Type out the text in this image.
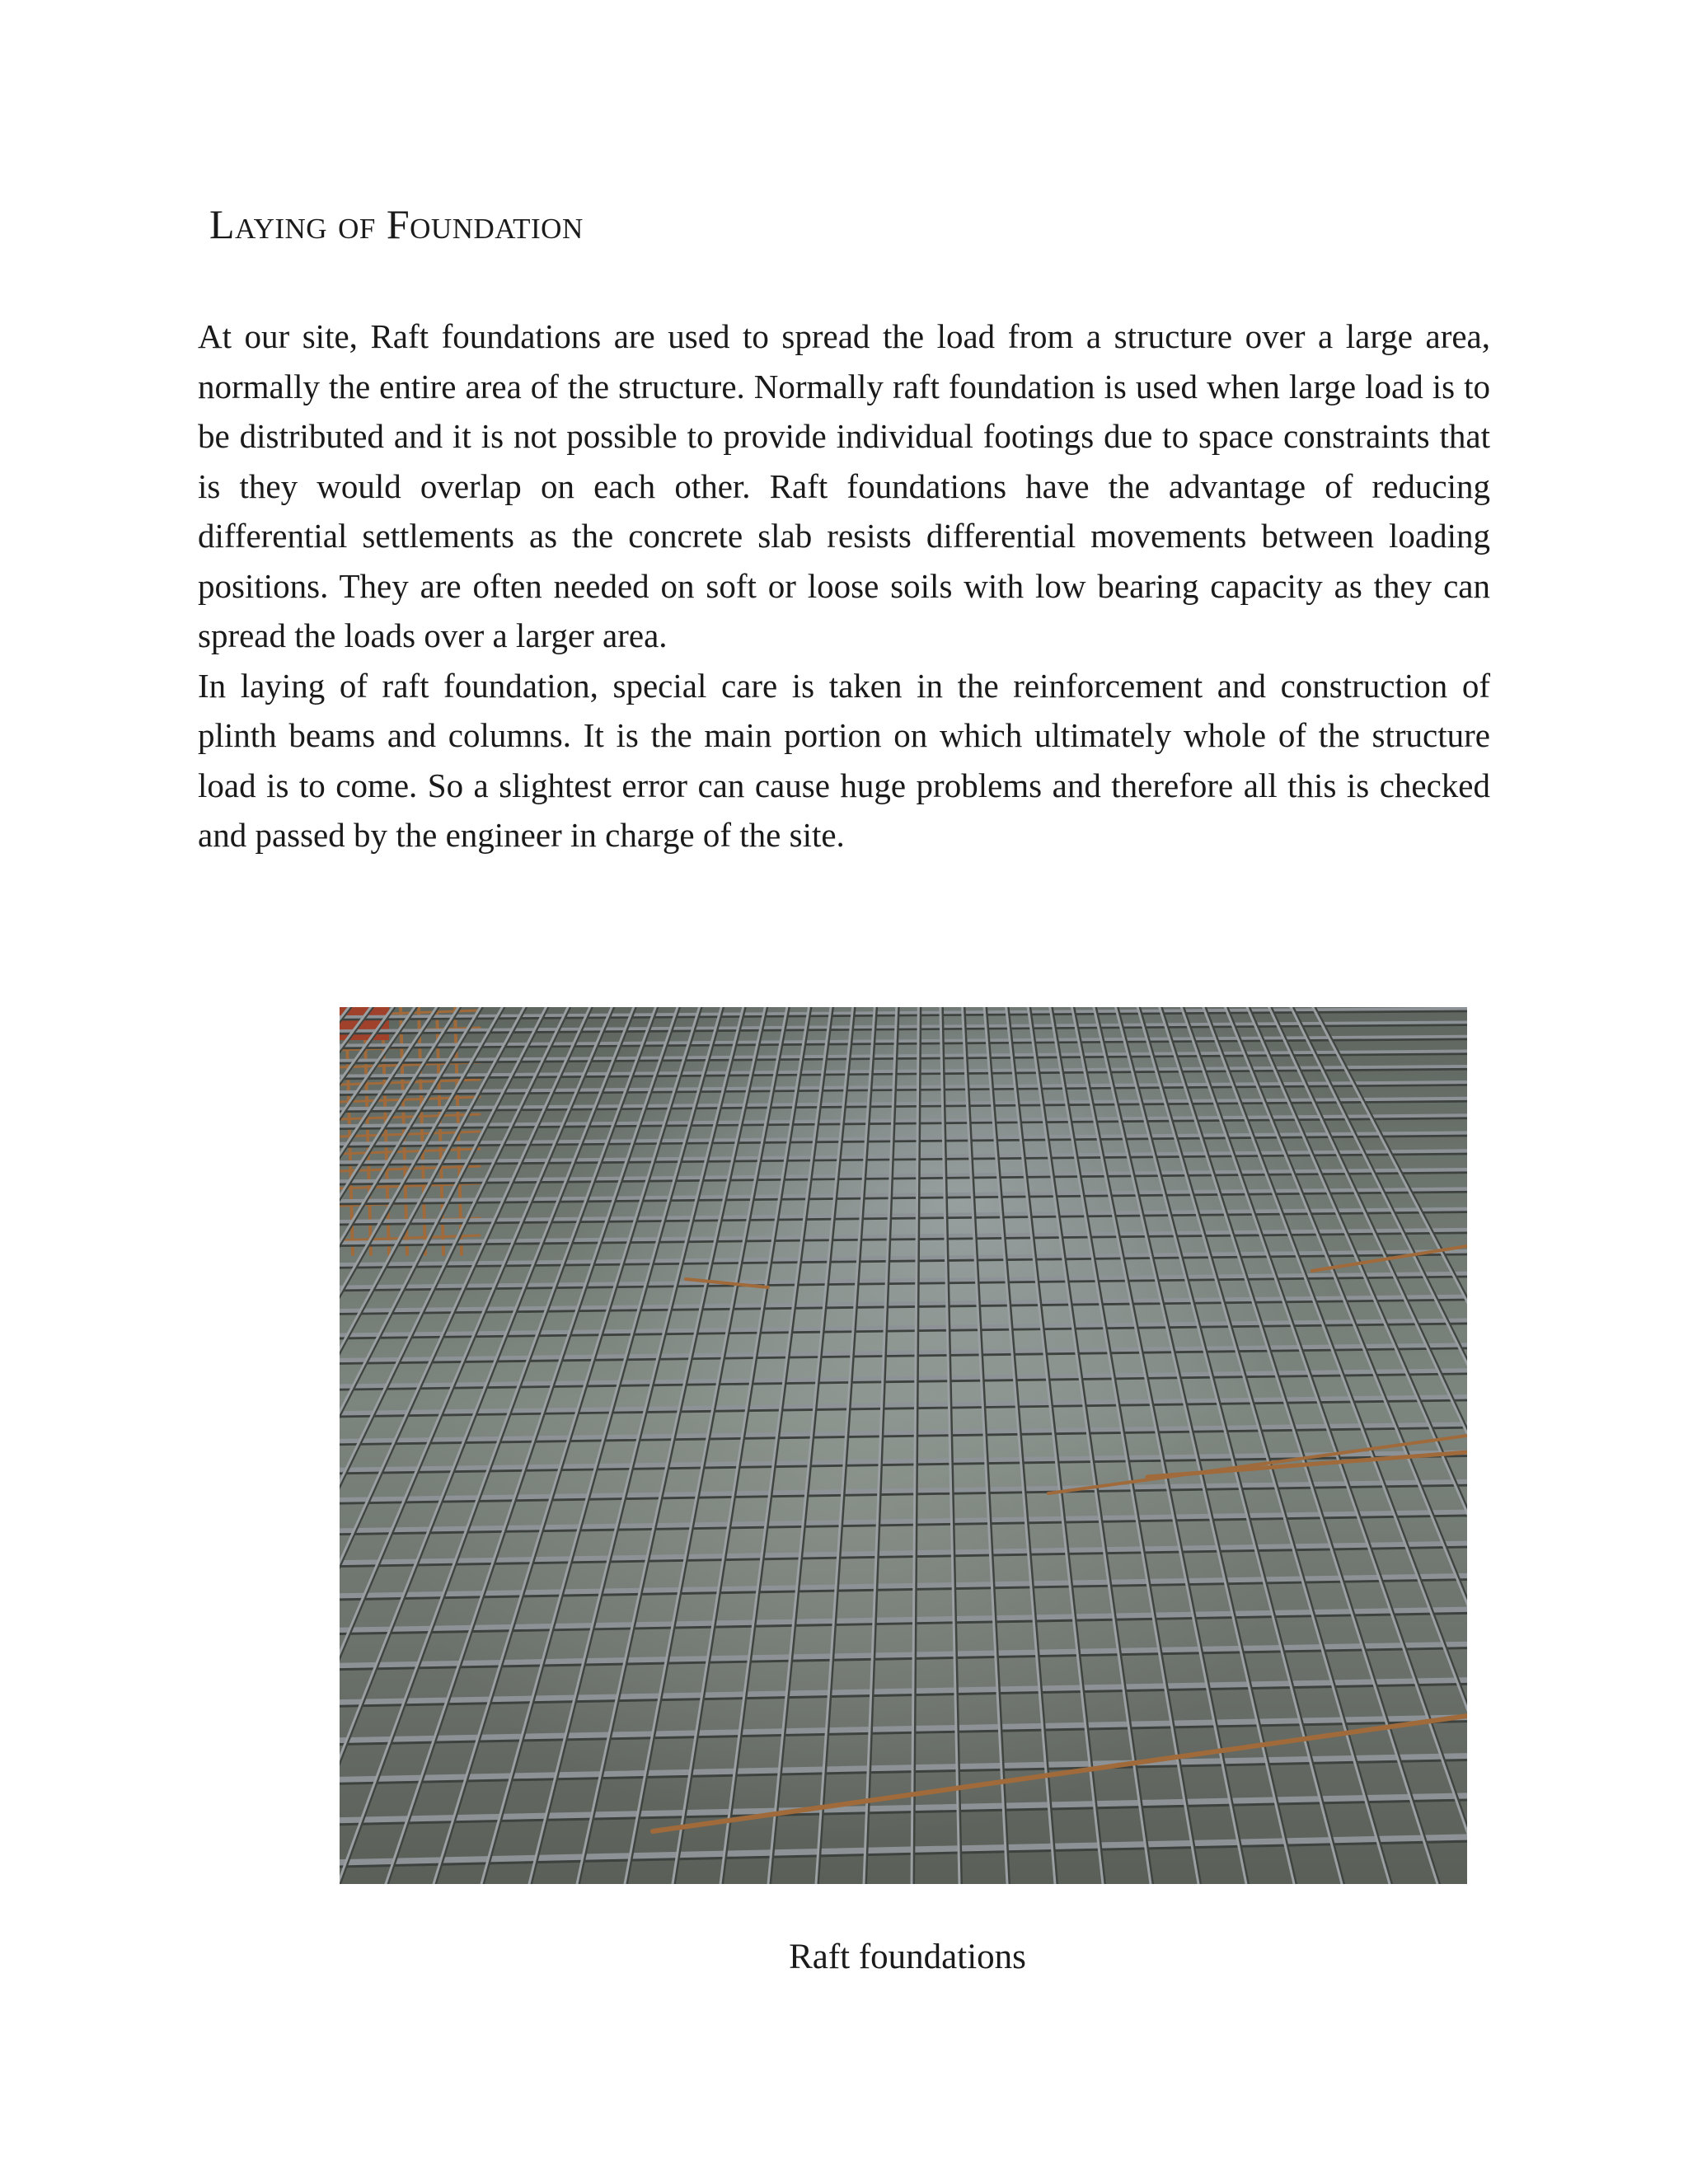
Laying of Foundation

At our site, Raft foundations are used to spread the load from a structure over a large area, normally the entire area of the structure. Normally raft foundation is used when large load is to be distributed and it is not possible to provide individual footings due to space constraints that is they would overlap on each other. Raft foundations have the advantage of reducing differential settlements as the concrete slab resists differential movements between loading positions. They are often needed on soft or loose soils with low bearing capacity as they can spread the loads over a larger area.

In laying of raft foundation, special care is taken in the reinforcement and construction of plinth beams and columns. It is the main portion on which ultimately whole of the structure load is to come. So a slightest error can cause huge problems and therefore all this is checked and passed by the engineer in charge of the site.

Raft foundations
